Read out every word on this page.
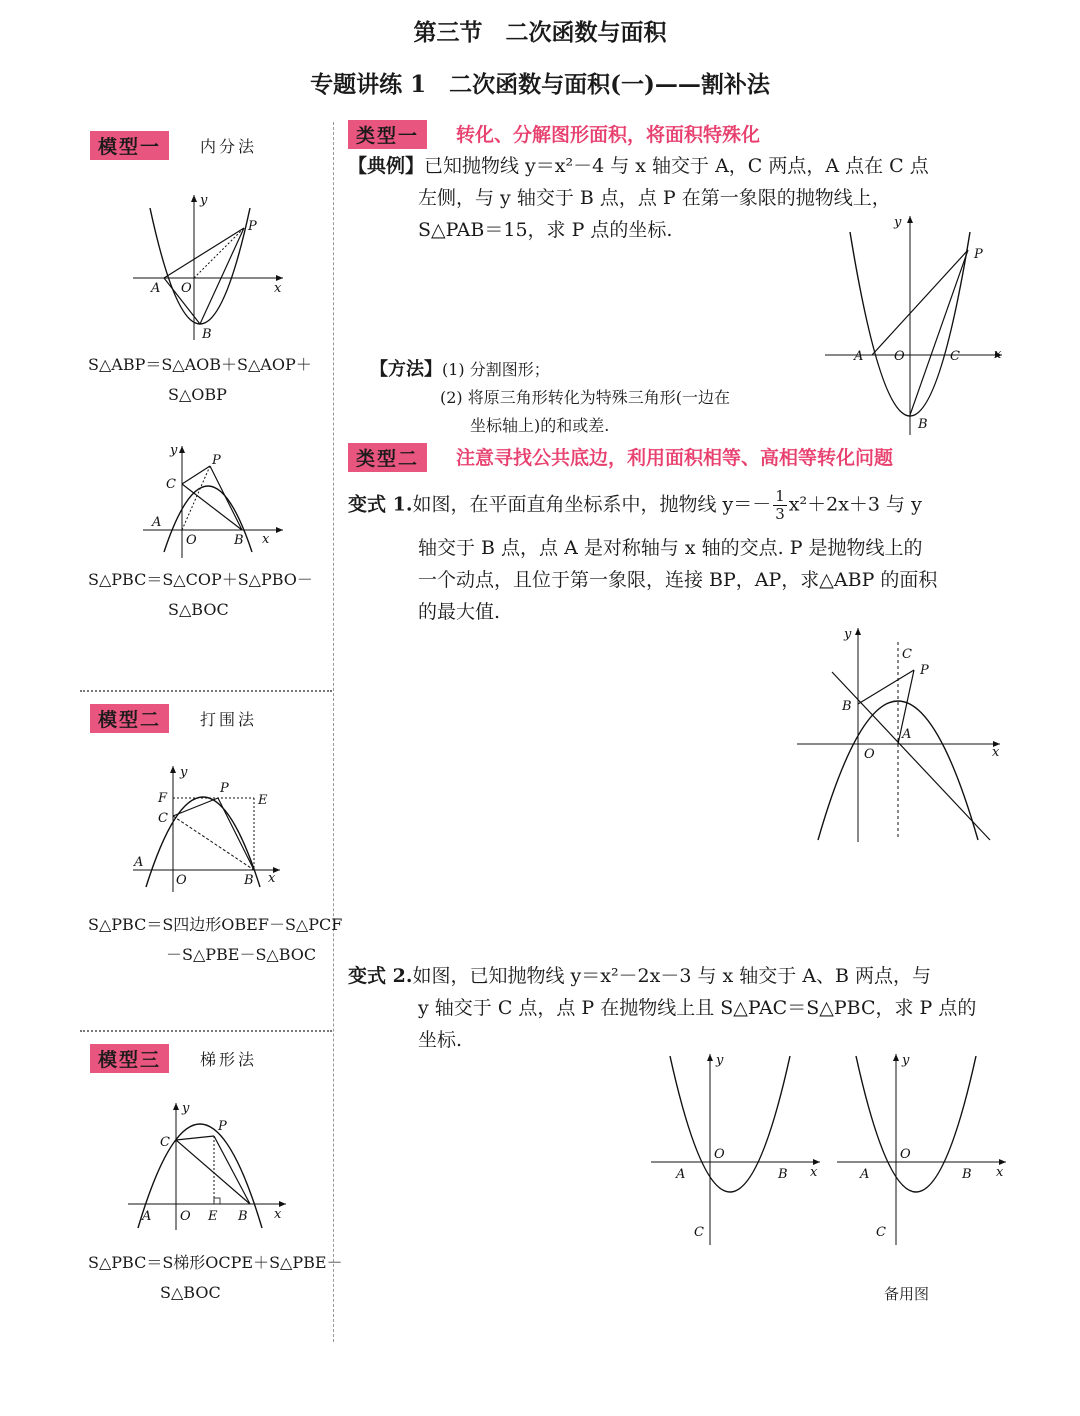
第三节　二次函数与面积
专题讲练 1　二次函数与面积(一)——割补法
模型一	内分法
y
x
P
A O
B
S△ABP＝S△AOB＋S△AOP＋
S△OBP
y
x
P
C
A
O	B
S△PBC＝S△COP＋S△PBO－
S△BOC
模型二	打围法
y
x
F
C
P
E
A
O	B
S△PBC＝S四边形OBEF－S△PCF
－S△PBE－S△BOC
模型三	梯形法
y
x
C
P
A O E B
S△PBC＝S梯形OCPE＋S△PBE－
S△BOC
类型一	转化、分解图形面积，将面积特殊化
【典例】已知抛物线 y＝x²－4 与 x 轴交于 A，C 两点，A 点在 C 点
左侧，与 y 轴交于 B 点，点 P 在第一象限的抛物线上，
S△PAB＝15，求 P 点的坐标.	y
x
P
A O	C
B
【方法】(1) 分割图形；
(2) 将原三角形转化为特殊三角形(一边在
坐标轴上)的和或差.
类型二	注意寻找公共底边，利用面积相等、高相等转化问题
变式 1.如图，在平面直角坐标系中，抛物线 $y=- \frac{1}{3} x^2+2x+3$ 与 y
轴交于 B 点，点 A 是对称轴与 x 轴的交点. P 是抛物线上的
一个动点，且位于第一象限，连接 BP，AP，求△ABP 的面积
的最大值.
y
x
C
P
B
A
O
变式 2.如图，已知抛物线 y＝x²－2x－3 与 x 轴交于 A、B 两点，与
y 轴交于 C 点，点 P 在抛物线上且 S△PAC＝S△PBC，求 P 点的
坐标.
y
x
O
A	B
C
y
x
O
A	B
C
备用图
